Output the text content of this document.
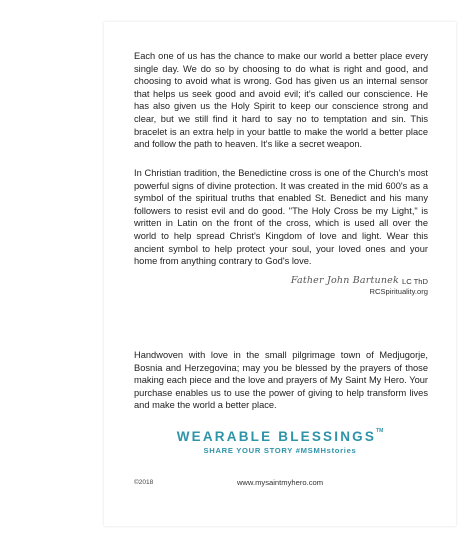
Each one of us has the chance to make our world a better place every single day. We do so by choosing to do what is right and good, and choosing to avoid what is wrong. God has given us an internal sensor that helps us seek good and avoid evil; it's called our conscience. He has also given us the Holy Spirit to keep our conscience strong and clear, but we still find it hard to say no to temptation and sin. This bracelet is an extra help in your battle to make the world a better place and follow the path to heaven. It's like a secret weapon.

In Christian tradition, the Benedictine cross is one of the Church's most powerful signs of divine protection. It was created in the mid 600's as a symbol of the spiritual truths that enabled St. Benedict and his many followers to resist evil and do good. "The Holy Cross be my Light," is written in Latin on the front of the cross, which is used all over the world to help spread Christ's Kingdom of love and light. Wear this ancient symbol to help protect your soul, your loved ones and your home from anything contrary to God's love.

Father John Bartunek LC ThD
RCSpirituality.org

Handwoven with love in the small pilgrimage town of Medjugorje, Bosnia and Herzegovina; may you be blessed by the prayers of those making each piece and the love and prayers of My Saint My Hero. Your purchase enables us to use the power of giving to help transform lives and make the world a better place.

WEARABLE BLESSINGS™
SHARE YOUR STORY #MSMHstories
©2018	www.mysaintmyhero.com
